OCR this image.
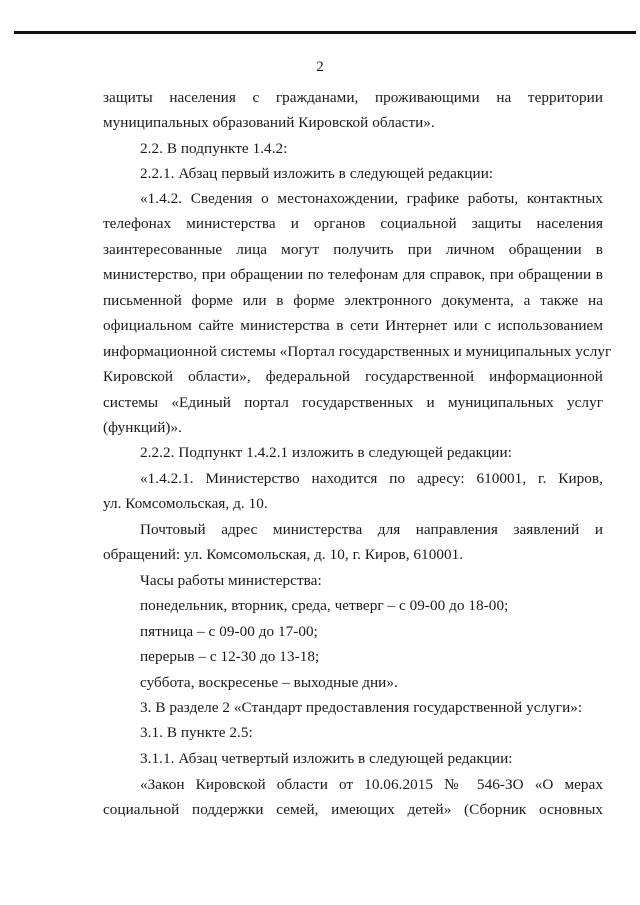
2
защиты населения с гражданами, проживающими на территории
муниципальных образований Кировской области».
2.2. В подпункте 1.4.2:
2.2.1. Абзац первый изложить в следующей редакции:
«1.4.2. Сведения о местонахождении, графике работы, контактных
телефонах министерства и органов социальной защиты населения
заинтересованные лица могут получить при личном обращении в
министерство, при обращении по телефонам для справок, при обращении в
письменной форме или в форме электронного документа, а также на
официальном сайте министерства в сети Интернет или с использованием
информационной системы «Портал государственных и муниципальных услуг
Кировской области», федеральной государственной информационной
системы «Единый портал государственных и муниципальных услуг
(функций)».
2.2.2. Подпункт 1.4.2.1 изложить в следующей редакции:
«1.4.2.1. Министерство находится по адресу: 610001, г. Киров,
ул. Комсомольская, д. 10.
Почтовый адрес министерства для направления заявлений и
обращений: ул. Комсомольская, д. 10, г. Киров, 610001.
Часы работы министерства:
понедельник, вторник, среда, четверг – с 09-00 до 18-00;
пятница – с 09-00 до 17-00;
перерыв – с 12-30 до 13-18;
суббота, воскресенье – выходные дни».
3. В разделе 2 «Стандарт предоставления государственной услуги»:
3.1. В пункте 2.5:
3.1.1. Абзац четвертый изложить в следующей редакции:
«Закон Кировской области от 10.06.2015 № 546-ЗО «О мерах
социальной поддержки семей, имеющих детей» (Сборник основных
